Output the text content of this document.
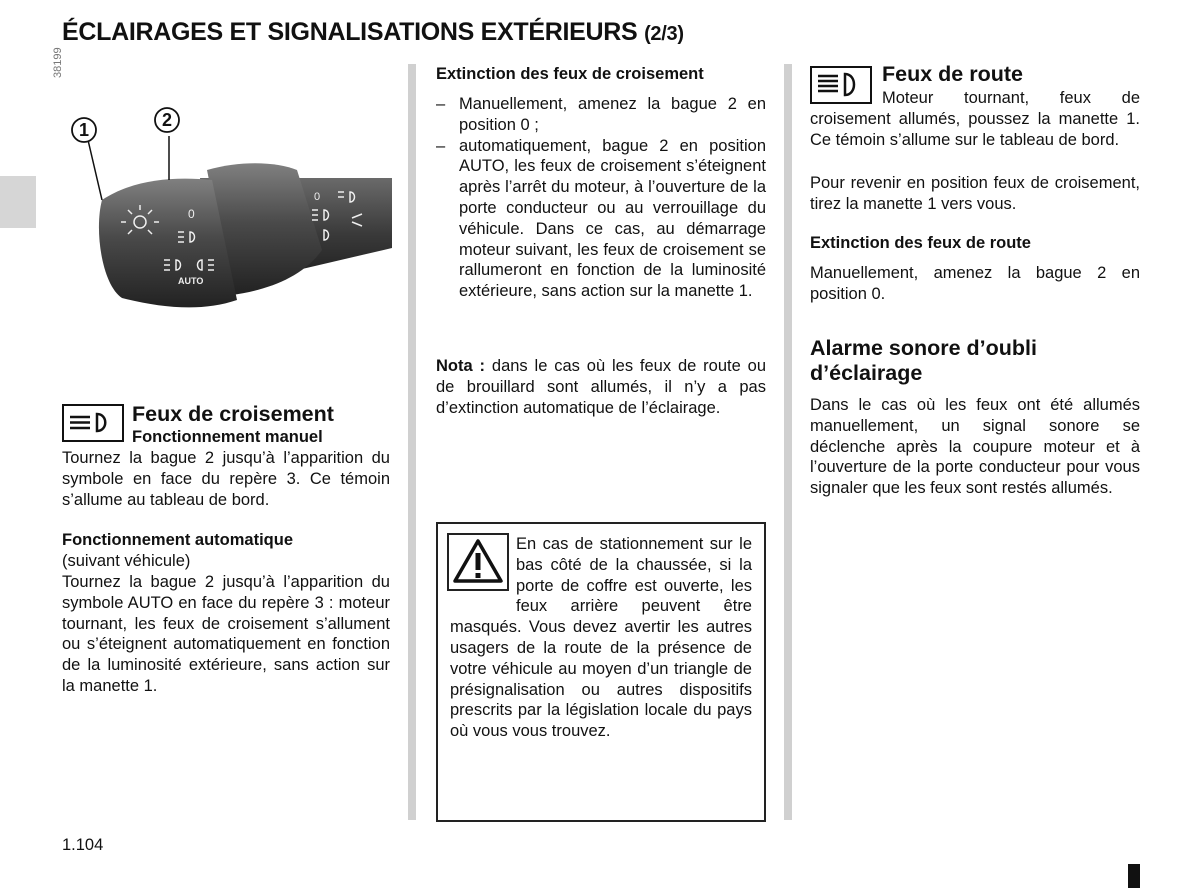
ÉCLAIRAGES ET SIGNALISATIONS EXTÉRIEURS (2/3)
38199
0
0
AUTO
1	2
Feux de croisement
Fonctionnement manuel

Tournez la bague 2 jusqu’à l’apparition du symbole en face du repère 3. Ce témoin s’allume au tableau de bord.

Fonctionnement automatique
(suivant véhicule)

Tournez la bague 2 jusqu’à l’apparition du symbole AUTO en face du repère 3 : moteur tournant, les feux de croisement s’allument ou s’éteignent automatiquement en fonction de la luminosité extérieure, sans action sur la manette 1.

Extinction des feux de croisement
– Manuellement, amenez la bague 2 en position 0 ;
– automatiquement, bague 2 en position AUTO, les feux de croisement s’éteignent après l’arrêt du moteur, à l’ouverture de la porte conducteur ou au verrouillage du véhicule. Dans ce cas, au démarrage moteur suivant, les feux de croisement se rallumeront en fonction de la luminosité extérieure, sans action sur la manette 1.

Nota : dans le cas où les feux de route ou de brouillard sont allumés, il n’y a pas d’extinction automatique de l’éclairage.

En cas de stationnement sur le bas côté de la chaussée, si la porte de coffre est ouverte, les feux arrière peuvent être masqués. Vous devez avertir les autres usagers de la route de la présence de votre véhicule au moyen d’un triangle de présignalisation ou autres dispositifs prescrits par la législation locale du pays où vous vous trouvez.

Feux de route

Moteur tournant, feux de croisement allumés, poussez la manette 1. Ce témoin s’allume sur le tableau de bord.

Pour revenir en position feux de croisement, tirez la manette 1 vers vous.

Extinction des feux de route

Manuellement, amenez la bague 2 en position 0.

Alarme sonore d’oubli d’éclairage

Dans le cas où les feux ont été allumés manuellement, un signal sonore se déclenche après la coupure moteur et à l’ouverture de la porte conducteur pour vous signaler que les feux sont restés allumés.

1.104
